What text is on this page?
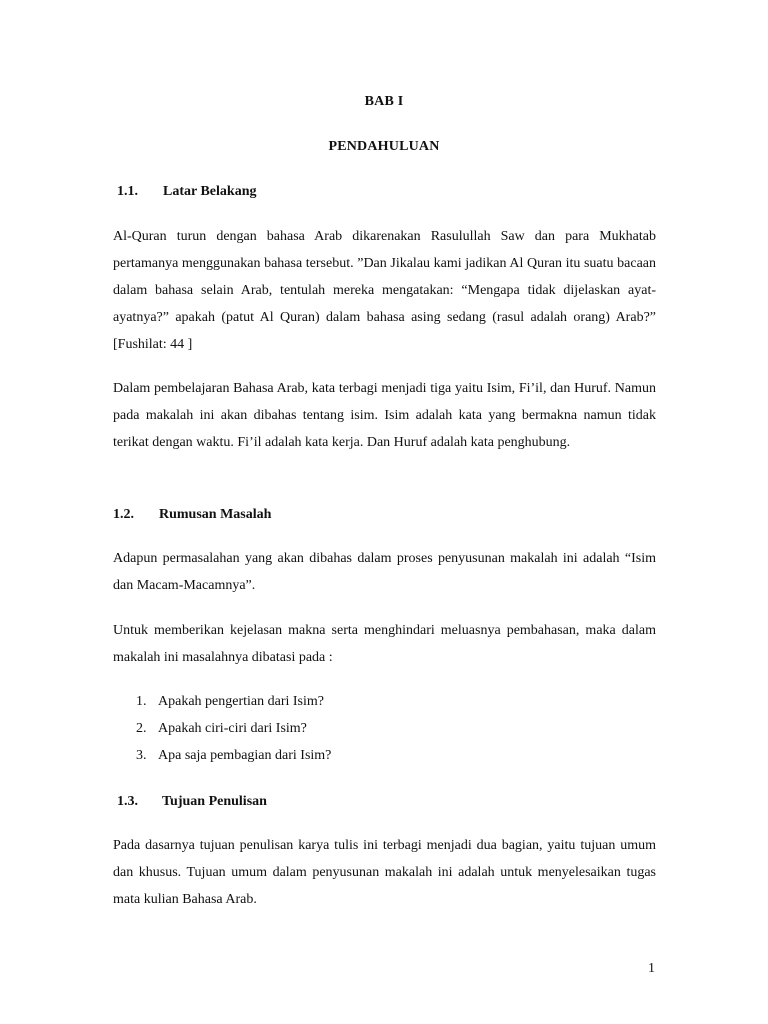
BAB I
PENDAHULUAN
1.1. Latar Belakang

Al-Quran turun dengan bahasa Arab dikarenakan Rasulullah Saw dan para Mukhatab pertamanya menggunakan bahasa tersebut. ”Dan Jikalau kami jadikan Al Quran itu suatu bacaan dalam bahasa selain Arab, tentulah mereka mengatakan: “Mengapa tidak dijelaskan ayat-ayatnya?” apakah (patut Al Quran) dalam bahasa asing sedang (rasul adalah orang) Arab?” [Fushilat: 44 ]

Dalam pembelajaran Bahasa Arab, kata terbagi menjadi tiga yaitu Isim, Fi’il, dan Huruf. Namun pada makalah ini akan dibahas tentang isim. Isim adalah kata yang bermakna namun tidak terikat dengan waktu. Fi’il adalah kata kerja. Dan Huruf adalah kata penghubung.

1.2. Rumusan Masalah

Adapun permasalahan yang akan dibahas dalam proses penyusunan makalah ini adalah “Isim dan Macam-Macamnya”.

Untuk memberikan kejelasan makna serta menghindari meluasnya pembahasan, maka dalam makalah ini masalahnya dibatasi pada :

1. Apakah pengertian dari Isim?
2. Apakah ciri-ciri dari Isim?
3. Apa saja pembagian dari Isim?
1.3. Tujuan Penulisan

Pada dasarnya tujuan penulisan karya tulis ini terbagi menjadi dua bagian, yaitu tujuan umum dan khusus. Tujuan umum dalam penyusunan makalah ini adalah untuk menyelesaikan tugas mata kulian Bahasa Arab.

1
